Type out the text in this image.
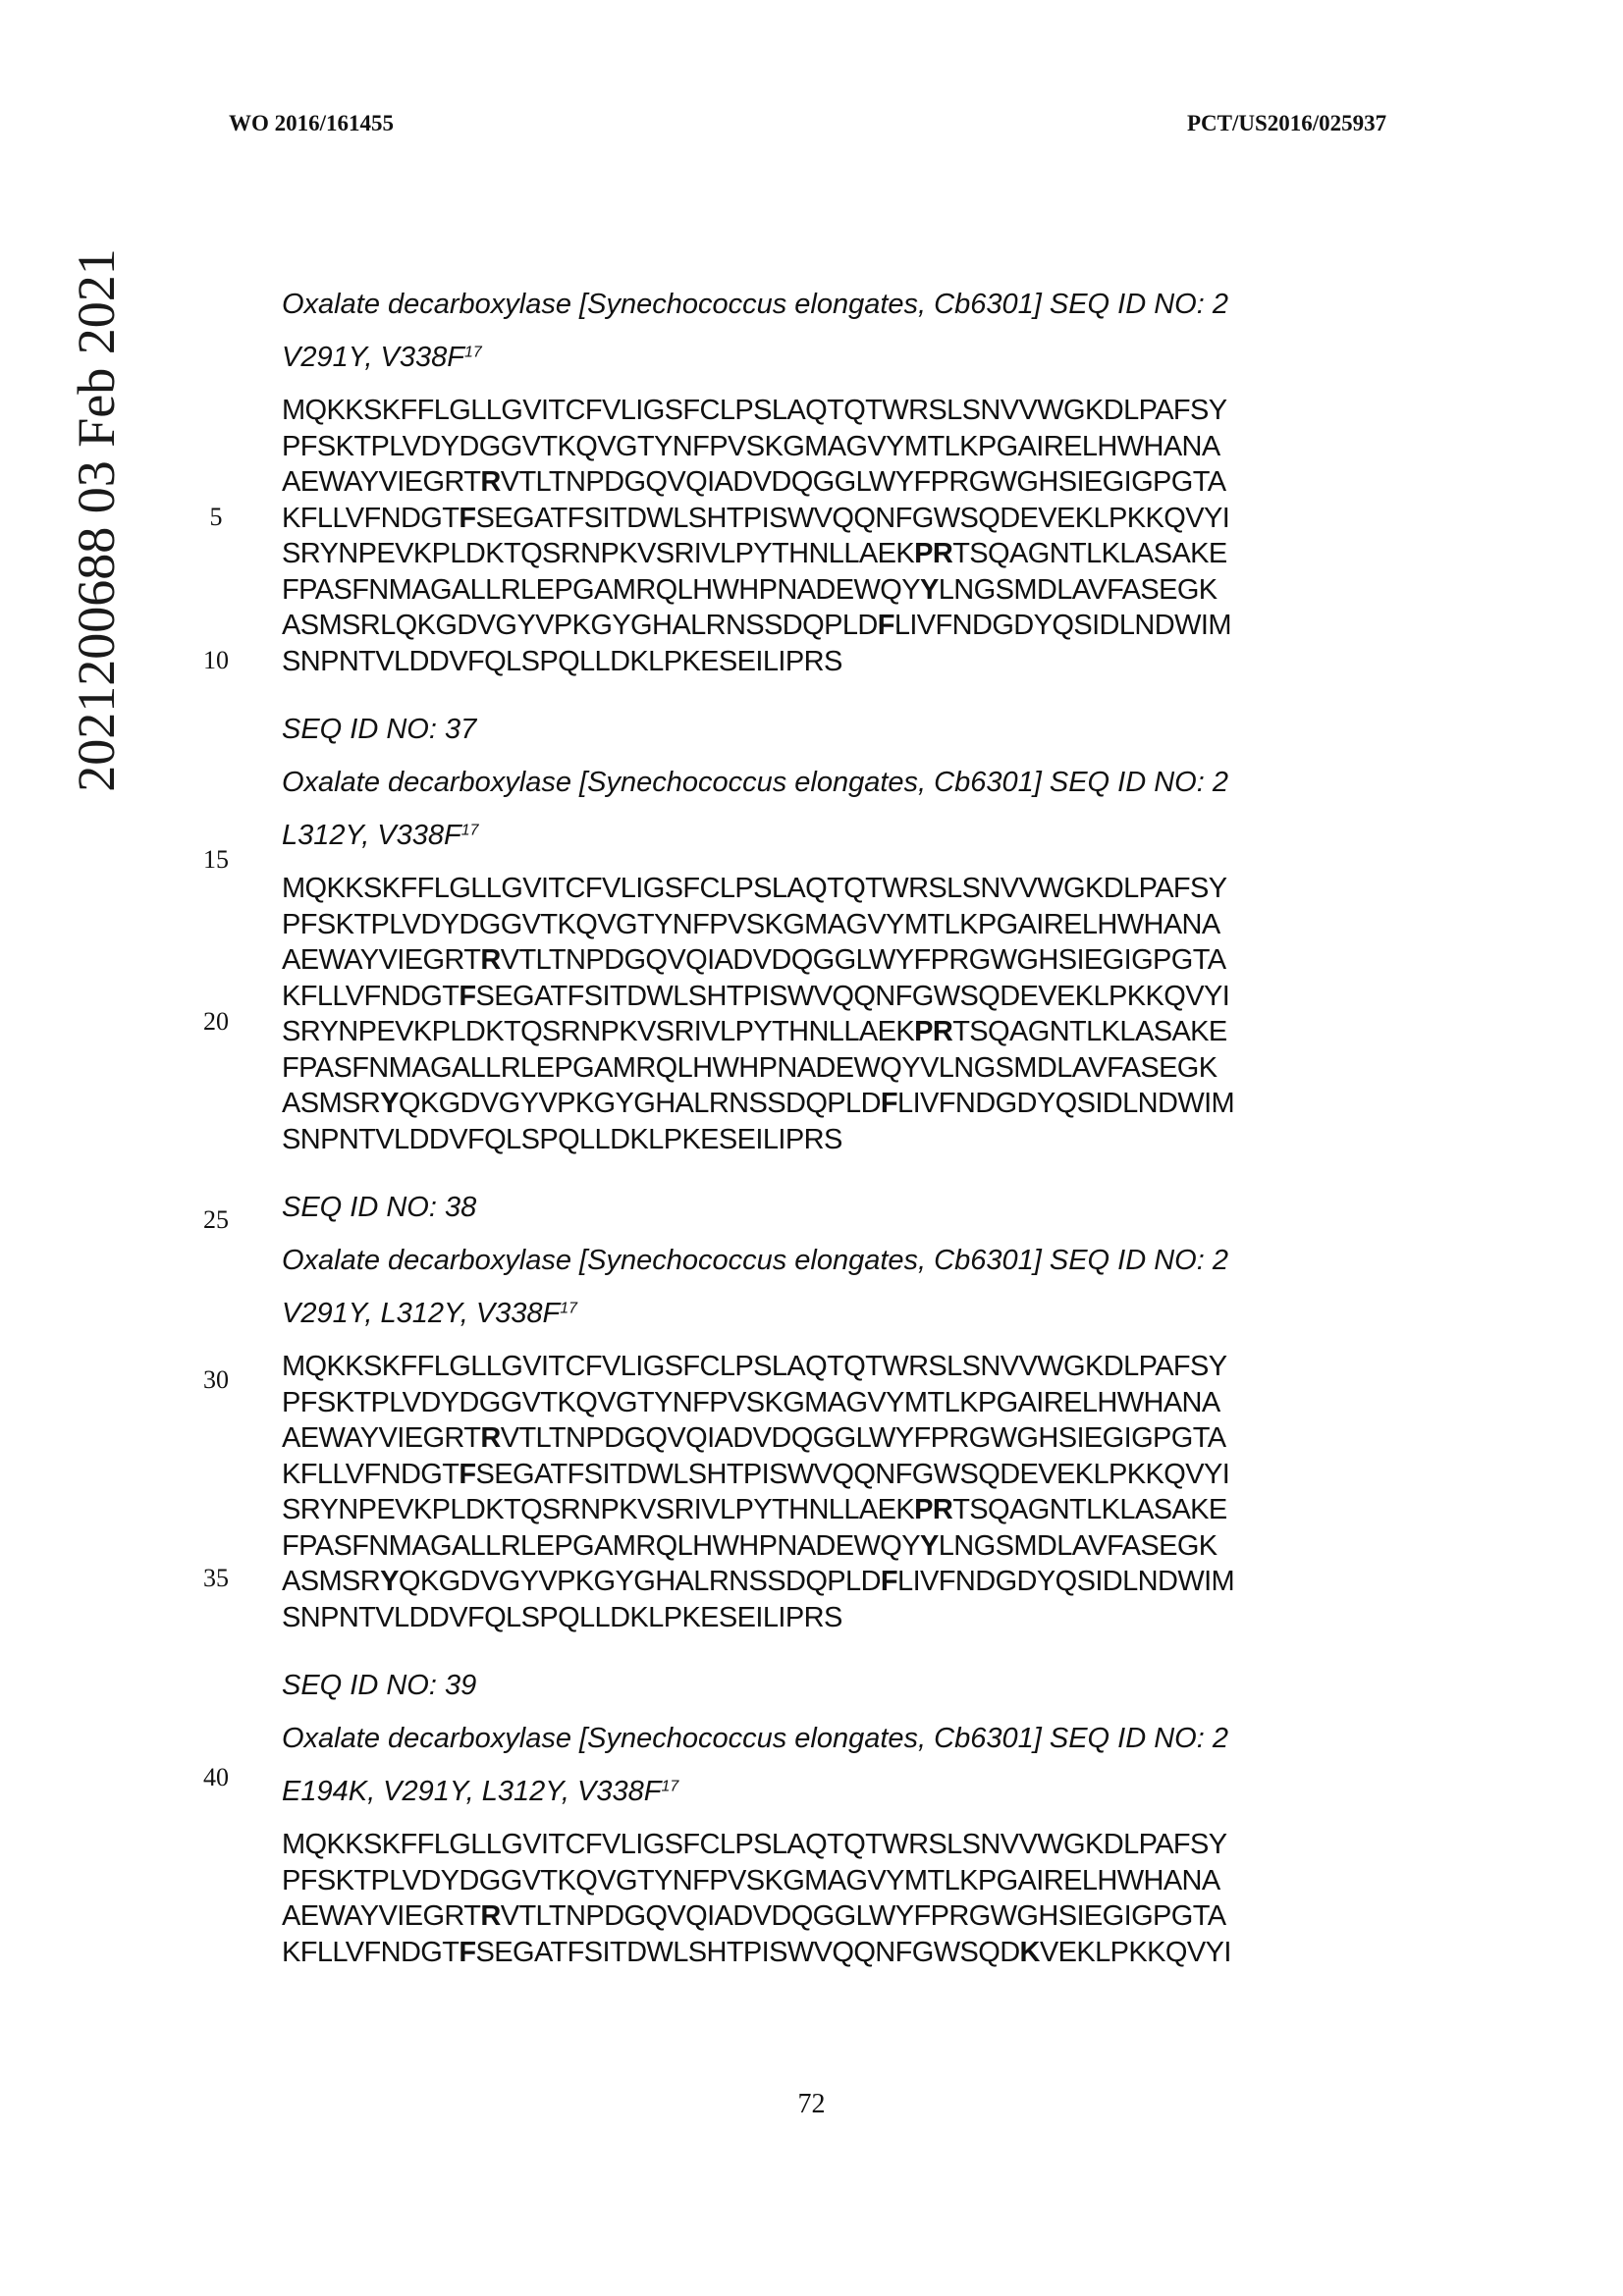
WO 2016/161455	PCT/US2016/025937
2021200688 03 Feb 2021	5
10
15
20
25
30
35
40
Oxalate decarboxylase [Synechococcus elongates, Cb6301] SEQ ID NO: 2
V291Y, $V338F^{17}$
MQKKSKFFLGLLGVITCFVLIGSFCLPSLAQTQTWRSLSNVVWGKDLPAFSY
PFSKTPLVDYDGGVTKQVGTYNFPVSKGMAGVYMTLKPGAIRELHWHANA
AEWAYVIEGRTRVTLTNPDGQVQIADVDQGGLWYFPRGWGHSIEGIGPGTA
KFLLVFNDGTFSEGATFSITDWLSHTPISWVQQNFGWSQDEVEKLPKKQVYI
SRYNPEVKPLDKTQSRNPKVSRIVLPYTHNLLAEKPRTSQAGNTLKLASAKE
FPASFNMAGALLRLEPGAMRQLHWHPNADEWQYYLNGSMDLAVFASEGK
ASMSRLQKGDVGYVPKGYGHALRNSSDQPLDFLIVFNDGDYQSIDLNDWIM
SNPNTVLDDVFQLSPQLLDKLPKESEILIPRS
SEQ ID NO: 37
Oxalate decarboxylase [Synechococcus elongates, Cb6301] SEQ ID NO: 2
L312Y, $V338F^{17}$
MQKKSKFFLGLLGVITCFVLIGSFCLPSLAQTQTWRSLSNVVWGKDLPAFSY
PFSKTPLVDYDGGVTKQVGTYNFPVSKGMAGVYMTLKPGAIRELHWHANA
AEWAYVIEGRTRVTLTNPDGQVQIADVDQGGLWYFPRGWGHSIEGIGPGTA
KFLLVFNDGTFSEGATFSITDWLSHTPISWVQQNFGWSQDEVEKLPKKQVYI
SRYNPEVKPLDKTQSRNPKVSRIVLPYTHNLLAEKPRTSQAGNTLKLASAKE
FPASFNMAGALLRLEPGAMRQLHWHPNADEWQYVLNGSMDLAVFASEGK
ASMSRYQKGDVGYVPKGYGHALRNSSDQPLDFLIVFNDGDYQSIDLNDWIM
SNPNTVLDDVFQLSPQLLDKLPKESEILIPRS
SEQ ID NO: 38
Oxalate decarboxylase [Synechococcus elongates, Cb6301] SEQ ID NO: 2
V291Y, L312Y, $V338F^{17}$
MQKKSKFFLGLLGVITCFVLIGSFCLPSLAQTQTWRSLSNVVWGKDLPAFSY
PFSKTPLVDYDGGVTKQVGTYNFPVSKGMAGVYMTLKPGAIRELHWHANA
AEWAYVIEGRTRVTLTNPDGQVQIADVDQGGLWYFPRGWGHSIEGIGPGTA
KFLLVFNDGTFSEGATFSITDWLSHTPISWVQQNFGWSQDEVEKLPKKQVYI
SRYNPEVKPLDKTQSRNPKVSRIVLPYTHNLLAEKPRTSQAGNTLKLASAKE
FPASFNMAGALLRLEPGAMRQLHWHPNADEWQYYLNGSMDLAVFASEGK
ASMSRYQKGDVGYVPKGYGHALRNSSDQPLDFLIVFNDGDYQSIDLNDWIM
SNPNTVLDDVFQLSPQLLDKLPKESEILIPRS
SEQ ID NO: 39
Oxalate decarboxylase [Synechococcus elongates, Cb6301] SEQ ID NO: 2
E194K, V291Y, L312Y, $V338F^{17}$
MQKKSKFFLGLLGVITCFVLIGSFCLPSLAQTQTWRSLSNVVWGKDLPAFSY
PFSKTPLVDYDGGVTKQVGTYNFPVSKGMAGVYMTLKPGAIRELHWHANA
AEWAYVIEGRTRVTLTNPDGQVQIADVDQGGLWYFPRGWGHSIEGIGPGTA
KFLLVFNDGTFSEGATFSITDWLSHTPISWVQQNFGWSQDKVEKLPKKQVYI
72
